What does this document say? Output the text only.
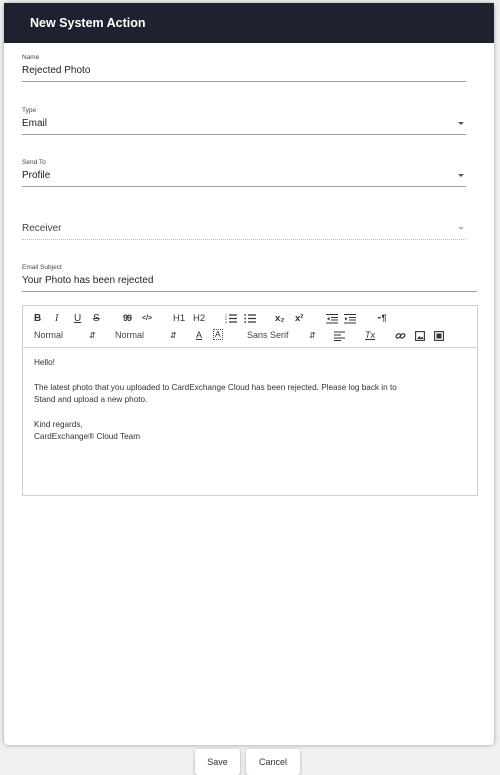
New System Action
Name
Rejected Photo
Type
Email
Send To
Profile
Receiver
Email Subject
Your Photo has been rejected
B I U S	99 </> H1 H2	1
2
3	x₂ x²	⁃¶
Normal	⇵ Normal	⇵ A A	Sans Serif	⇵	Tx

Hello!

The latest photo that you uploaded to CardExchange Cloud has been rejected. Please log back in to

Stand and upload a new photo.

Kind regards,

CardExchange® Cloud Team

Save	Cancel
